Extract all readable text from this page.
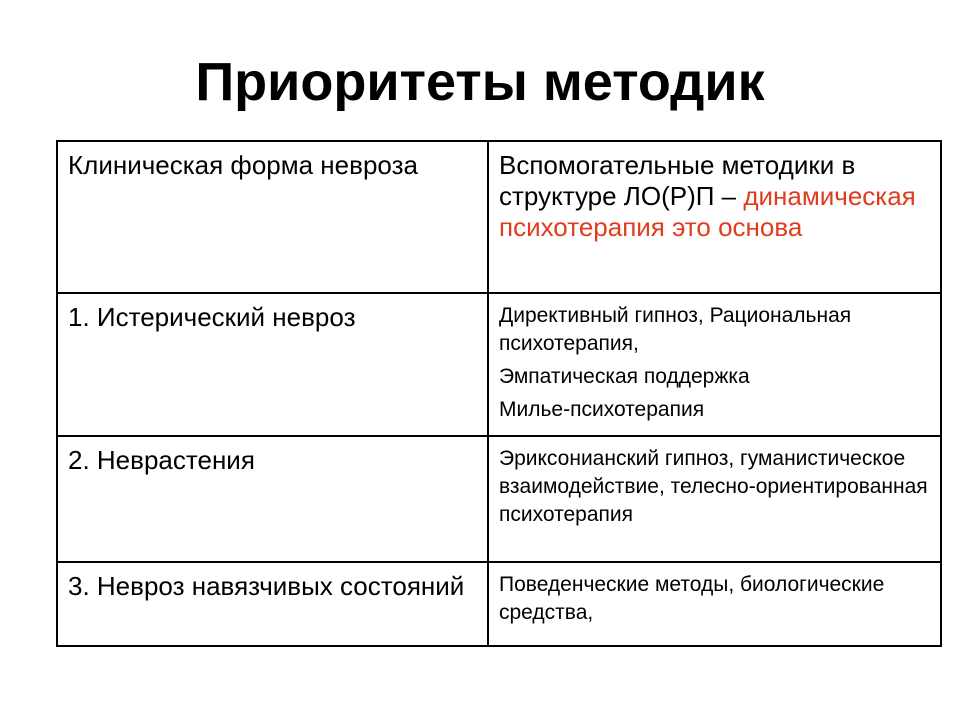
Приоритеты методик
Клиническая форма невроза	Вспомогательные методики в структуре ЛО(Р)П – динамическая психотерапия это основа
1. Истерический невроз	Директивный гипноз, Рациональная психотерапия,
Эмпатическая поддержка
Милье-психотерапия

2. Неврастения	Эриксонианский гипноз, гуманистическое взаимодействие, телесно-ориентированная психотерапия
3. Невроз навязчивых состояний	Поведенческие методы, биологические средства,
